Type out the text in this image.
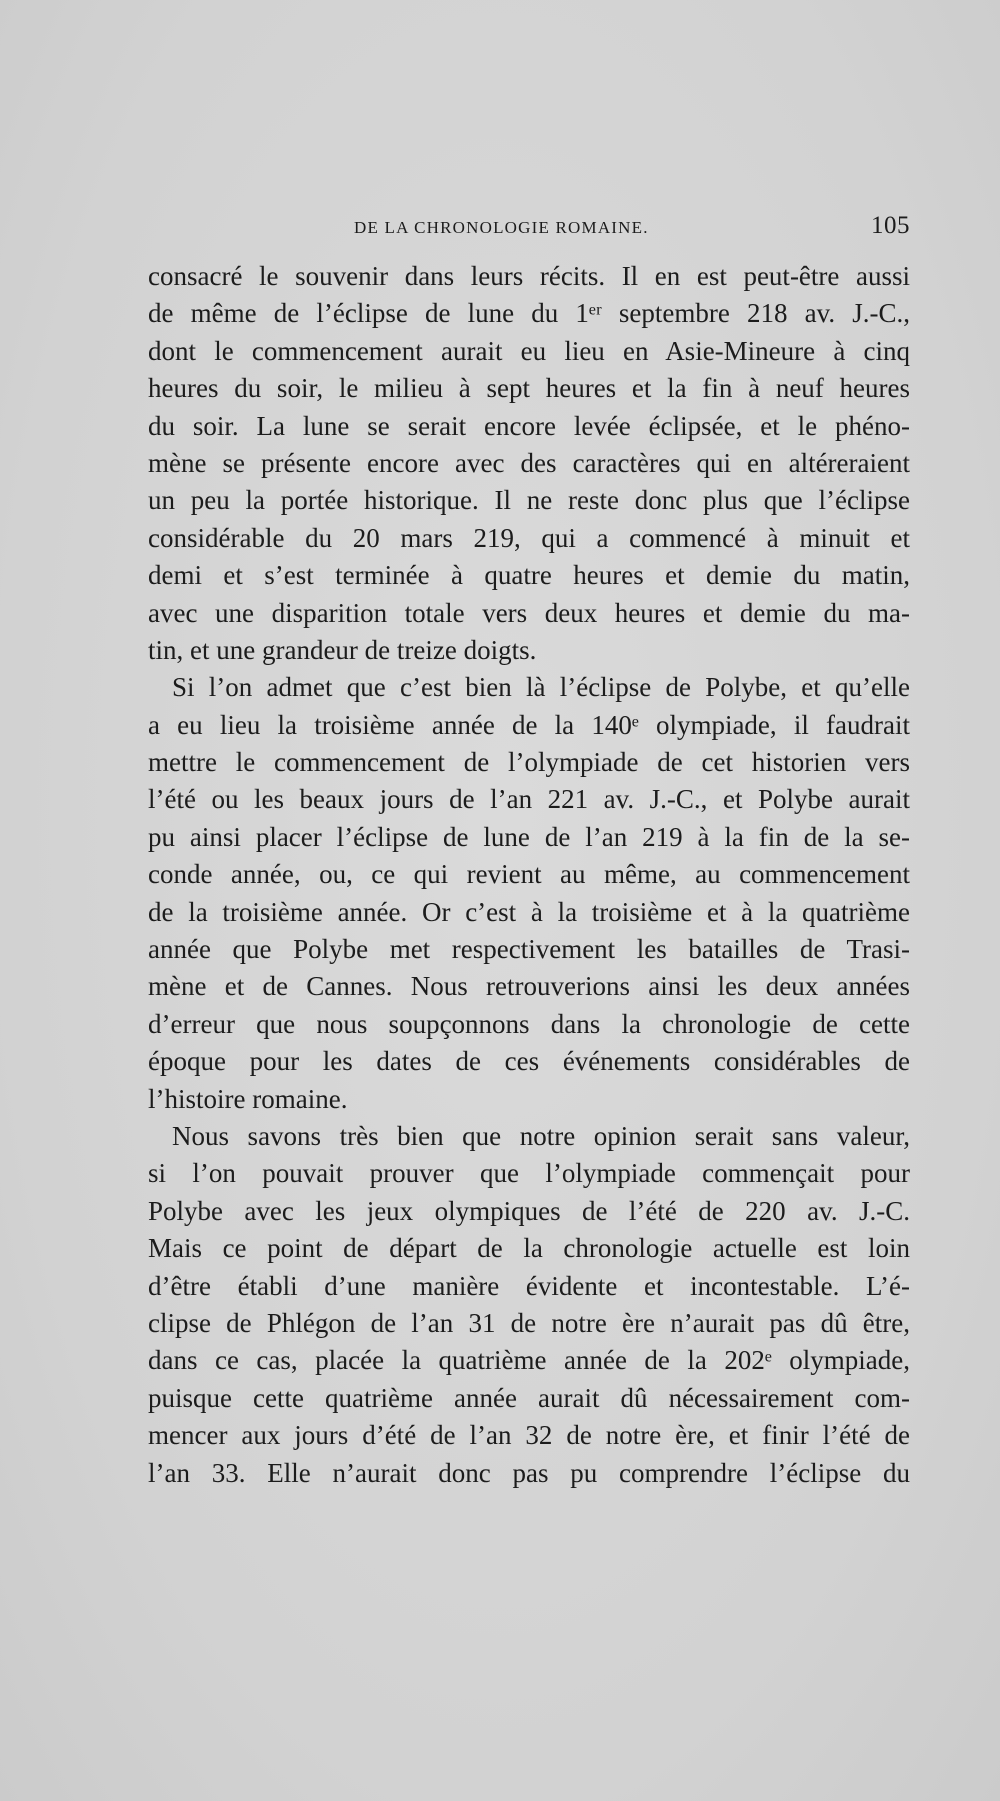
DE LA CHRONOLOGIE ROMAINE.	105
consacré le souvenir dans leurs récits. Il en est peut-être aussi
de même de l’éclipse de lune du 1ᵉʳ septembre 218 av. J.-C.,
dont le commencement aurait eu lieu en Asie-Mineure à cinq
heures du soir, le milieu à sept heures et la fin à neuf heures
du soir. La lune se serait encore levée éclipsée, et le phéno-
mène se présente encore avec des caractères qui en altéreraient
un peu la portée historique. Il ne reste donc plus que l’éclipse
considérable du 20 mars 219, qui a commencé à minuit et
demi et s’est terminée à quatre heures et demie du matin,
avec une disparition totale vers deux heures et demie du ma-
tin, et une grandeur de treize doigts.
Si l’on admet que c’est bien là l’éclipse de Polybe, et qu’elle
a eu lieu la troisième année de la 140ᵉ olympiade, il faudrait
mettre le commencement de l’olympiade de cet historien vers
l’été ou les beaux jours de l’an 221 av. J.-C., et Polybe aurait
pu ainsi placer l’éclipse de lune de l’an 219 à la fin de la se-
conde année, ou, ce qui revient au même, au commencement
de la troisième année. Or c’est à la troisième et à la quatrième
année que Polybe met respectivement les batailles de Trasi-
mène et de Cannes. Nous retrouverions ainsi les deux années
d’erreur que nous soupçonnons dans la chronologie de cette
époque pour les dates de ces événements considérables de
l’histoire romaine.
Nous savons très bien que notre opinion serait sans valeur,
si l’on pouvait prouver que l’olympiade commençait pour
Polybe avec les jeux olympiques de l’été de 220 av. J.-C.
Mais ce point de départ de la chronologie actuelle est loin
d’être établi d’une manière évidente et incontestable. L’é-
clipse de Phlégon de l’an 31 de notre ère n’aurait pas dû être,
dans ce cas, placée la quatrième année de la 202ᵉ olympiade,
puisque cette quatrième année aurait dû nécessairement com-
mencer aux jours d’été de l’an 32 de notre ère, et finir l’été de
l’an 33. Elle n’aurait donc pas pu comprendre l’éclipse du
